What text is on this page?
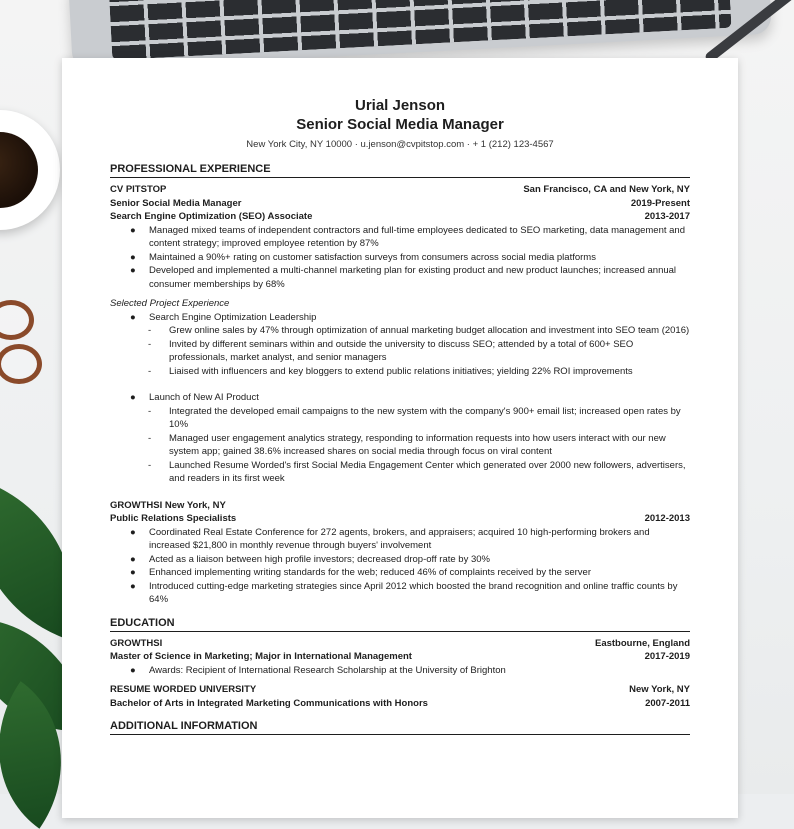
Urial Jenson
Senior Social Media Manager
New York City, NY 10000 · u.jenson@cvpitstop.com · + 1 (212) 123-4567
PROFESSIONAL EXPERIENCE
CV PITSTOP	San Francisco, CA and New York, NY
Senior Social Media Manager	2019-Present
Search Engine Optimization (SEO) Associate	2013-2017
● Managed mixed teams of independent contractors and full-time employees dedicated to SEO marketing, data management and content strategy; improved employee retention by 87%
● Maintained a 90%+ rating on customer satisfaction surveys from consumers across social media platforms
● Developed and implemented a multi-channel marketing plan for existing product and new product launches; increased annual consumer memberships by 68%
Selected Project Experience
● Search Engine Optimization Leadership
- Grew online sales by 47% through optimization of annual marketing budget allocation and investment into SEO team (2016)
- Invited by different seminars within and outside the university to discuss SEO; attended by a total of 600+ SEO professionals, market analyst, and senior managers
- Liaised with influencers and key bloggers to extend public relations initiatives; yielding 22% ROI improvements
● Launch of New AI Product
- Integrated the developed email campaigns to the new system with the company's 900+ email list; increased open rates by 10%
- Managed user engagement analytics strategy, responding to information requests into how users interact with our new system app; gained 38.6% increased shares on social media through focus on viral content
- Launched Resume Worded's first Social Media Engagement Center which generated over 2000 new followers, advertisers, and readers in its first week
GROWTHSI New York, NY
Public Relations Specialists	2012-2013
● Coordinated Real Estate Conference for 272 agents, brokers, and appraisers; acquired 10 high-performing brokers and increased $21,800 in monthly revenue through buyers' involvement
● Acted as a liaison between high profile investors; decreased drop-off rate by 30%
● Enhanced implementing writing standards for the web; reduced 46% of complaints received by the server
● Introduced cutting-edge marketing strategies since April 2012 which boosted the brand recognition and online traffic counts by 64%
EDUCATION
GROWTHSI	Eastbourne, England
Master of Science in Marketing; Major in International Management	2017-2019
● Awards: Recipient of International Research Scholarship at the University of Brighton
RESUME WORDED UNIVERSITY	New York, NY
Bachelor of Arts in Integrated Marketing Communications with Honors	2007-2011
ADDITIONAL INFORMATION
